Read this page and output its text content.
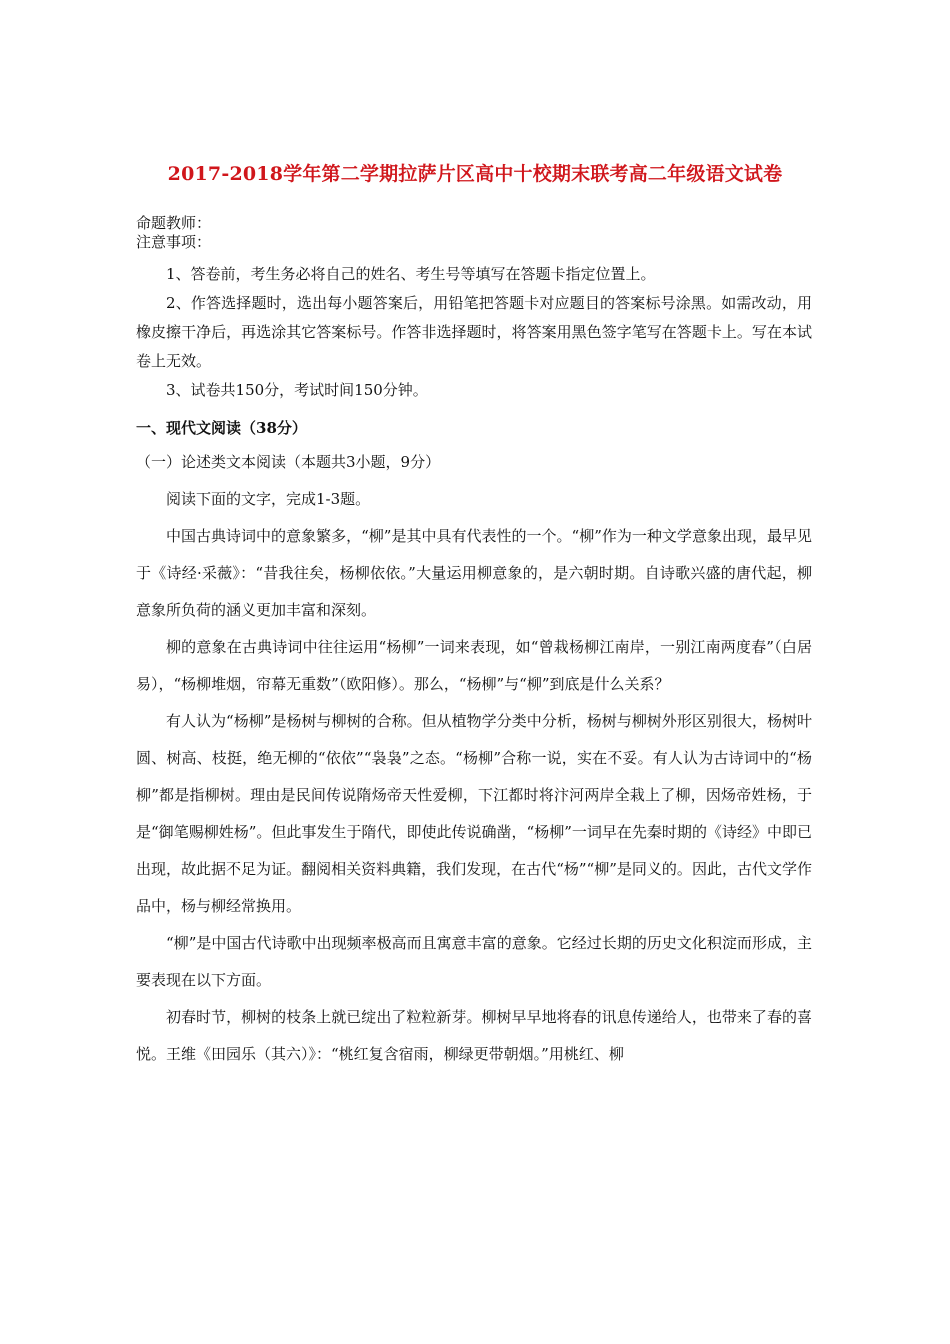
2017-2018学年第二学期拉萨片区高中十校期末联考高二年级语文试卷

命题教师：

注意事项：

1、答卷前，考生务必将自己的姓名、考生号等填写在答题卡指定位置上。

2、作答选择题时，选出每小题答案后，用铅笔把答题卡对应题目的答案标号涂黑。如需改动，用橡皮擦干净后，再选涂其它答案标号。作答非选择题时，将答案用黑色签字笔写在答题卡上。写在本试卷上无效。

3、试卷共150分，考试时间150分钟。

一、现代文阅读（38分）

（一）论述类文本阅读（本题共3小题，9分）

阅读下面的文字，完成1-3题。

中国古典诗词中的意象繁多，“柳”是其中具有代表性的一个。“柳”作为一种文学意象出现，最早见于《诗经·采薇》：“昔我往矣，杨柳依依。”大量运用柳意象的，是六朝时期。自诗歌兴盛的唐代起，柳意象所负荷的涵义更加丰富和深刻。

柳的意象在古典诗词中往往运用“杨柳”一词来表现，如“曾栽杨柳江南岸，一别江南两度春”（白居易），“杨柳堆烟，帘幕无重数”（欧阳修）。那么，“杨柳”与“柳”到底是什么关系？

有人认为“杨柳”是杨树与柳树的合称。但从植物学分类中分析，杨树与柳树外形区别很大，杨树叶圆、树高、枝挺，绝无柳的“依依”“袅袅”之态。“杨柳”合称一说，实在不妥。有人认为古诗词中的“杨柳”都是指柳树。理由是民间传说隋炀帝天性爱柳，下江都时将汴河两岸全栽上了柳，因炀帝姓杨，于是“御笔赐柳姓杨”。但此事发生于隋代，即使此传说确凿，“杨柳”一词早在先秦时期的《诗经》中即已出现，故此据不足为证。翻阅相关资料典籍，我们发现，在古代“杨”“柳”是同义的。因此，古代文学作品中，杨与柳经常换用。

“柳”是中国古代诗歌中出现频率极高而且寓意丰富的意象。它经过长期的历史文化积淀而形成，主要表现在以下方面。

初春时节，柳树的枝条上就已绽出了粒粒新芽。柳树早早地将春的讯息传递给人，也带来了春的喜悦。王维《田园乐（其六）》：“桃红复含宿雨，柳绿更带朝烟。”用桃红、柳
